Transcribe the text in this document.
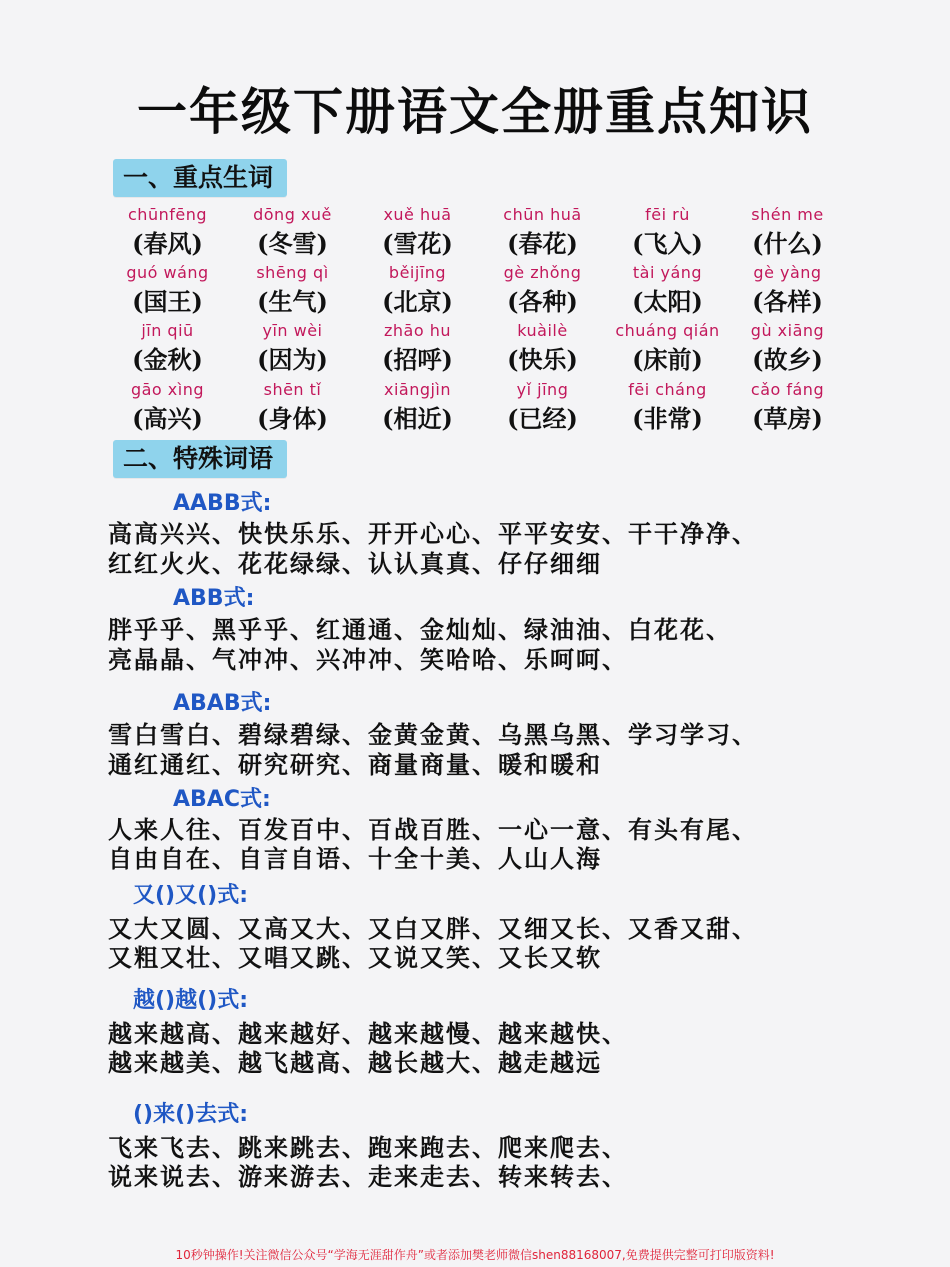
一年级下册语文全册重点知识
一、重点生词
chūnfēng
(春风)
dōng xuě
(冬雪)
xuě huā
(雪花)
chūn huā
(春花)
fēi rù
(飞入)
shén me
(什么)
guó wáng
(国王)
shēng qì
(生气)
běijīng
(北京)
gè zhǒng
(各种)
tài yáng
(太阳)
gè yàng
(各样)
jīn qiū
(金秋)
yīn wèi
(因为)
zhāo hu
(招呼)
kuàilè
(快乐)
chuáng qián
(床前)
gù xiāng
(故乡)
gāo xìng
(高兴)
shēn tǐ
(身体)
xiāngjìn
(相近)
yǐ jīng
(已经)
fēi cháng
(非常)
cǎo fáng
(草房)
二、特殊词语
AABB式:
高高兴兴、快快乐乐、开开心心、平平安安、干干净净、
红红火火、花花绿绿、认认真真、仔仔细细
ABB式:
胖乎乎、黑乎乎、红通通、金灿灿、绿油油、白花花、
亮晶晶、气冲冲、兴冲冲、笑哈哈、乐呵呵、
ABAB式:
雪白雪白、碧绿碧绿、金黄金黄、乌黑乌黑、学习学习、
通红通红、研究研究、商量商量、暖和暖和
ABAC式:
人来人往、百发百中、百战百胜、一心一意、有头有尾、
自由自在、自言自语、十全十美、人山人海
又()又()式:
又大又圆、又高又大、又白又胖、又细又长、又香又甜、
又粗又壮、又唱又跳、又说又笑、又长又软
越()越()式:
越来越高、越来越好、越来越慢、越来越快、
越来越美、越飞越高、越长越大、越走越远
()来()去式:
飞来飞去、跳来跳去、跑来跑去、爬来爬去、
说来说去、游来游去、走来走去、转来转去、
10秒钟操作!关注微信公众号“学海无涯甜作舟”或者添加樊老师微信shen88168007,免费提供完整可打印版资料!
